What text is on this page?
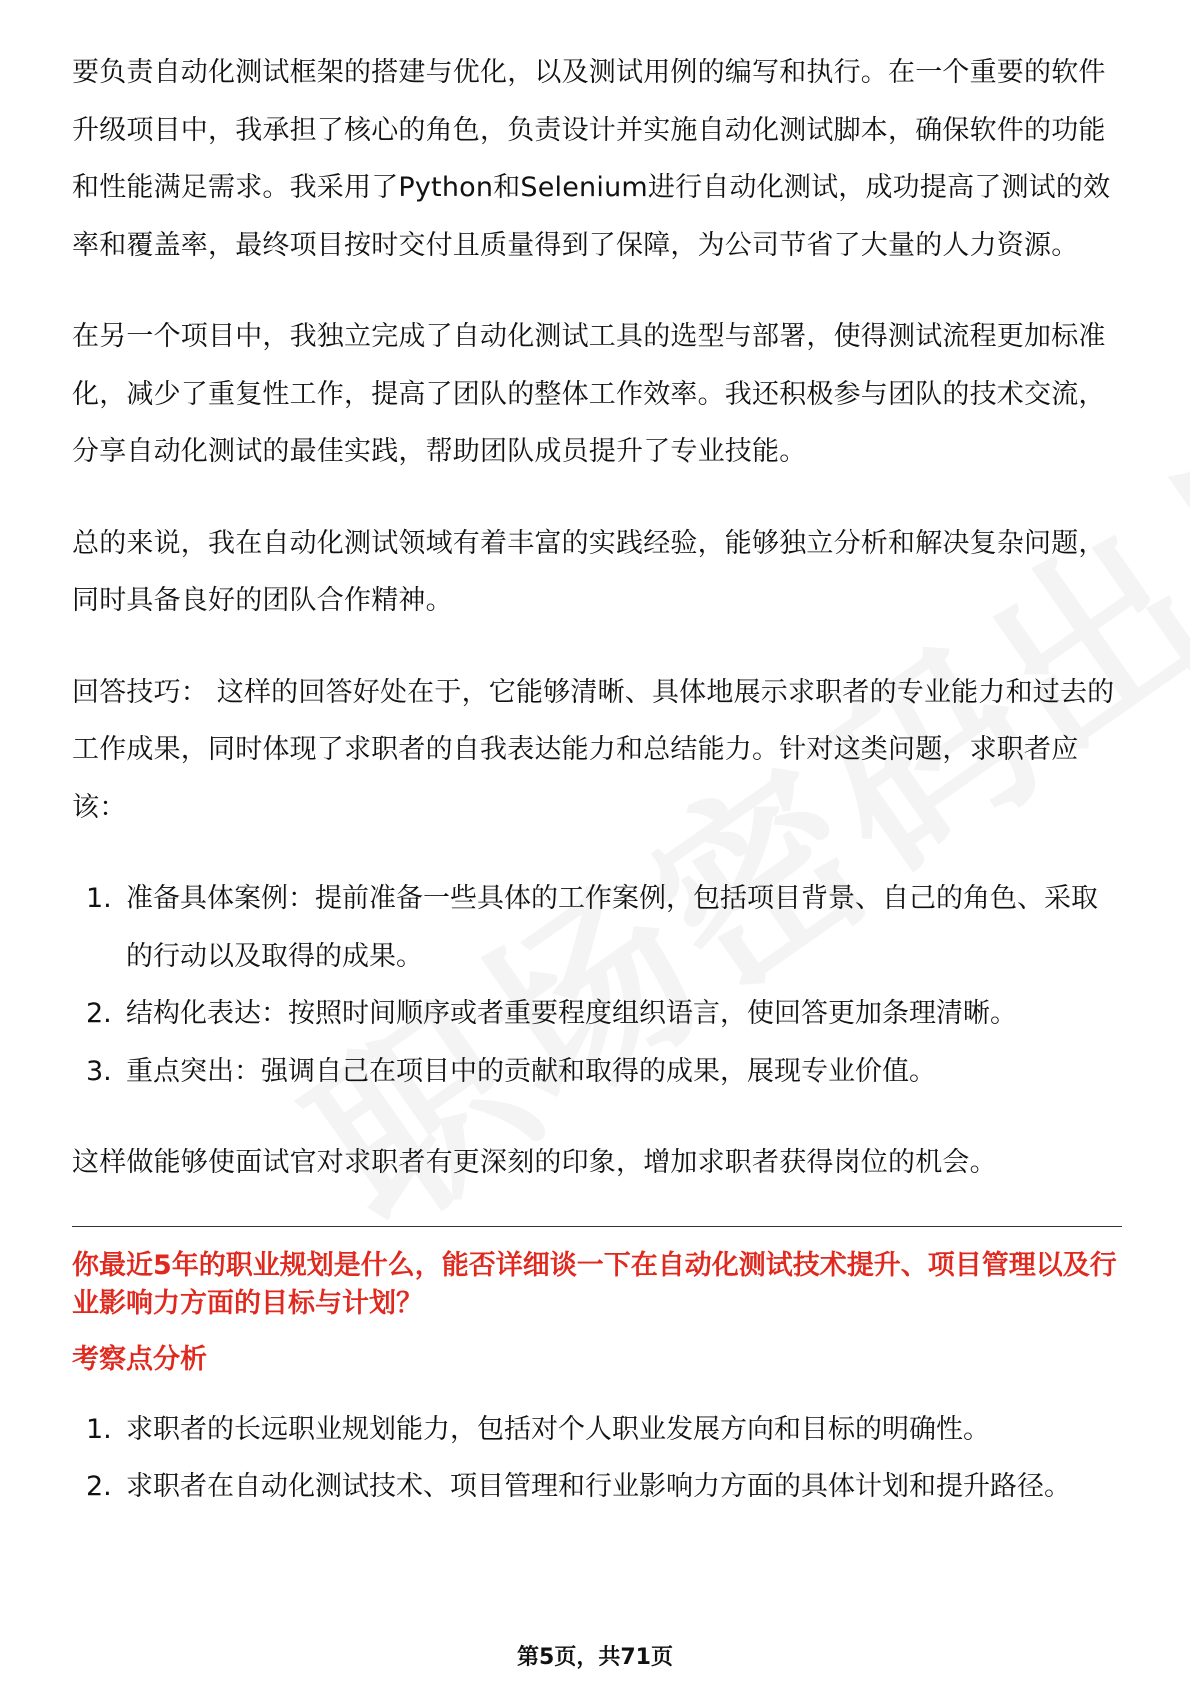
要负责自动化测试框架的搭建与优化，以及测试用例的编写和执行。在一个重要的软件升级项目中，我承担了核心的角色，负责设计并实施自动化测试脚本，确保软件的功能和性能满足需求。我采用了Python和Selenium进行自动化测试，成功提高了测试的效率和覆盖率，最终项目按时交付且质量得到了保障，为公司节省了大量的人力资源。

在另一个项目中，我独立完成了自动化测试工具的选型与部署，使得测试流程更加标准化，减少了重复性工作，提高了团队的整体工作效率。我还积极参与团队的技术交流，分享自动化测试的最佳实践，帮助团队成员提升了专业技能。

总的来说，我在自动化测试领域有着丰富的实践经验，能够独立分析和解决复杂问题，同时具备良好的团队合作精神。

回答技巧： 这样的回答好处在于，它能够清晰、具体地展示求职者的专业能力和过去的工作成果，同时体现了求职者的自我表达能力和总结能力。针对这类问题，求职者应该：

1. 准备具体案例：提前准备一些具体的工作案例，包括项目背景、自己的角色、采取的行动以及取得的成果。
2. 结构化表达：按照时间顺序或者重要程度组织语言，使回答更加条理清晰。
3. 重点突出：强调自己在项目中的贡献和取得的成果，展现专业价值。

这样做能够使面试官对求职者有更深刻的印象，增加求职者获得岗位的机会。

你最近5年的职业规划是什么，能否详细谈一下在自动化测试技术提升、项目管理以及行业影响力方面的目标与计划？
考察点分析
1. 求职者的长远职业规划能力，包括对个人职业发展方向和目标的明确性。
2. 求职者在自动化测试技术、项目管理和行业影响力方面的具体计划和提升路径。
第5页，共71页
